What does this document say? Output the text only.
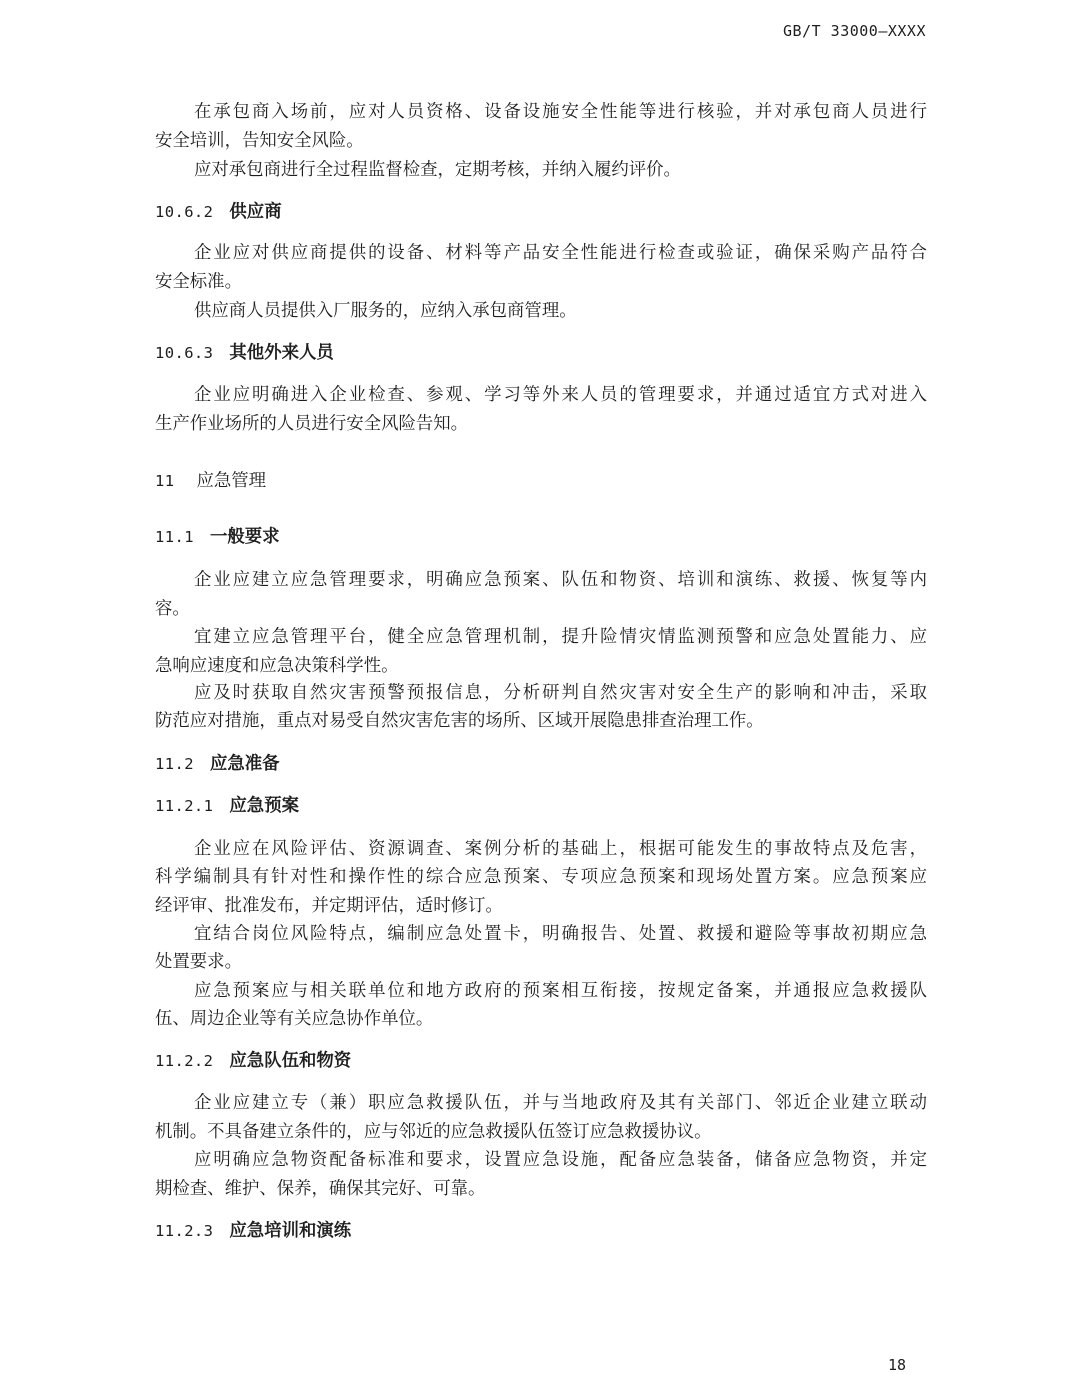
GB/T 33000—XXXX
在承包商入场前，应对人员资格、设备设施安全性能等进行核验，并对承包商人员进行
安全培训，告知安全风险。
应对承包商进行全过程监督检查，定期考核，并纳入履约评价。
10.6.2 供应商
企业应对供应商提供的设备、材料等产品安全性能进行检查或验证，确保采购产品符合
安全标准。
供应商人员提供入厂服务的，应纳入承包商管理。
10.6.3 其他外来人员
企业应明确进入企业检查、参观、学习等外来人员的管理要求，并通过适宜方式对进入
生产作业场所的人员进行安全风险告知。
11 应急管理
11.1 一般要求
企业应建立应急管理要求，明确应急预案、队伍和物资、培训和演练、救援、恢复等内
容。
宜建立应急管理平台，健全应急管理机制，提升险情灾情监测预警和应急处置能力、应
急响应速度和应急决策科学性。
应及时获取自然灾害预警预报信息，分析研判自然灾害对安全生产的影响和冲击，采取
防范应对措施，重点对易受自然灾害危害的场所、区域开展隐患排查治理工作。
11.2 应急准备
11.2.1 应急预案
企业应在风险评估、资源调查、案例分析的基础上，根据可能发生的事故特点及危害，
科学编制具有针对性和操作性的综合应急预案、专项应急预案和现场处置方案。应急预案应
经评审、批准发布，并定期评估，适时修订。
宜结合岗位风险特点，编制应急处置卡，明确报告、处置、救援和避险等事故初期应急
处置要求。
应急预案应与相关联单位和地方政府的预案相互衔接，按规定备案，并通报应急救援队
伍、周边企业等有关应急协作单位。
11.2.2 应急队伍和物资
企业应建立专（兼）职应急救援队伍，并与当地政府及其有关部门、邻近企业建立联动
机制。不具备建立条件的，应与邻近的应急救援队伍签订应急救援协议。
应明确应急物资配备标准和要求，设置应急设施，配备应急装备，储备应急物资，并定
期检查、维护、保养，确保其完好、可靠。
11.2.3 应急培训和演练
18
